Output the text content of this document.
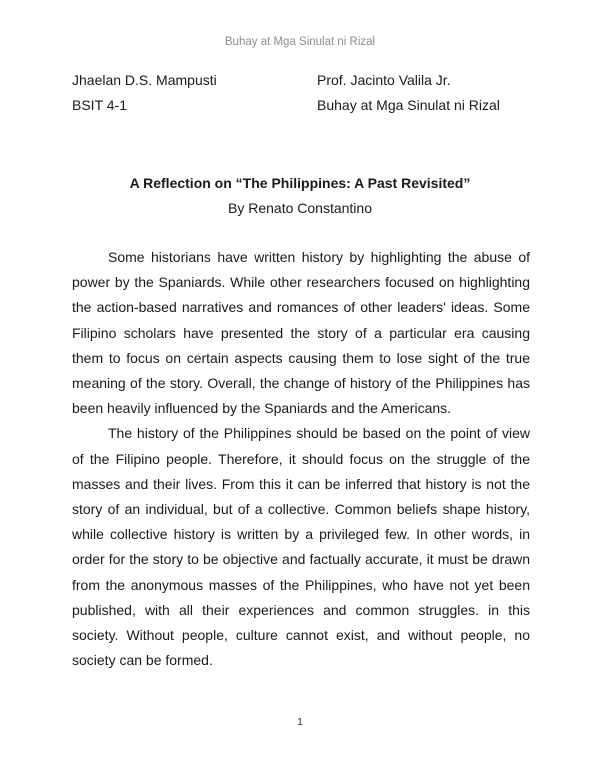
Buhay at Mga Sinulat ni Rizal
Jhaelan D.S. Mampusti	Prof. Jacinto Valila Jr.
BSIT 4-1	Buhay at Mga Sinulat ni Rizal
A Reflection on “The Philippines: A Past Revisited”
By Renato Constantino

Some historians have written history by highlighting the abuse of power by the Spaniards. While other researchers focused on highlighting the action-based narratives and romances of other leaders' ideas. Some Filipino scholars have presented the story of a particular era causing them to focus on certain aspects causing them to lose sight of the true meaning of the story. Overall, the change of history of the Philippines has been heavily influenced by the Spaniards and the Americans.

The history of the Philippines should be based on the point of view of the Filipino people. Therefore, it should focus on the struggle of the masses and their lives. From this it can be inferred that history is not the story of an individual, but of a collective. Common beliefs shape history, while collective history is written by a privileged few. In other words, in order for the story to be objective and factually accurate, it must be drawn from the anonymous masses of the Philippines, who have not yet been published, with all their experiences and common struggles. in this society. Without people, culture cannot exist, and without people, no society can be formed.

1
